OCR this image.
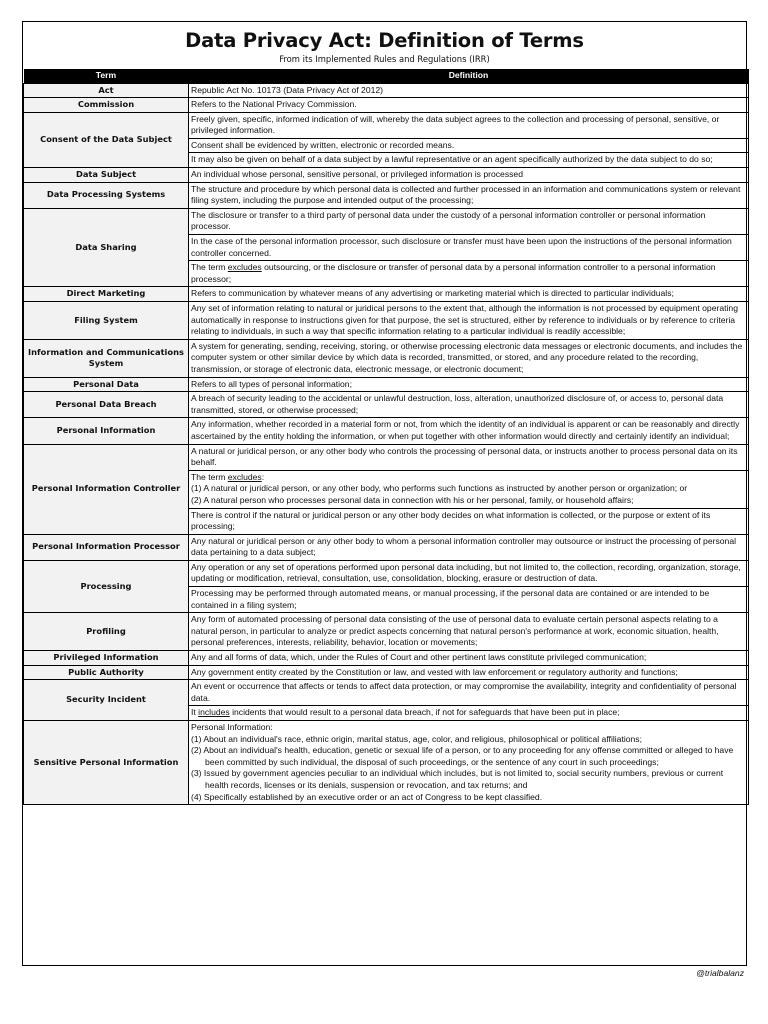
Data Privacy Act: Definition of Terms
From its Implemented Rules and Regulations (IRR)
Term	Definition
Act	Republic Act No. 10173 (Data Privacy Act of 2012)
Commission	Refers to the National Privacy Commission.
Consent of the Data Subject	Freely given, specific, informed indication of will, whereby the data subject agrees to the collection and processing of personal, sensitive, or privileged information.
	Consent shall be evidenced by written, electronic or recorded means.
	It may also be given on behalf of a data subject by a lawful representative or an agent specifically authorized by the data subject to do so;
Data Subject	An individual whose personal, sensitive personal, or privileged information is processed
Data Processing Systems	The structure and procedure by which personal data is collected and further processed in an information and communications system or relevant filing system, including the purpose and intended output of the processing;
Data Sharing	The disclosure or transfer to a third party of personal data under the custody of a personal information controller or personal information processor.
	In the case of the personal information processor, such disclosure or transfer must have been upon the instructions of the personal information controller concerned.
	The term excludes outsourcing, or the disclosure or transfer of personal data by a personal information controller to a personal information processor;
Direct Marketing	Refers to communication by whatever means of any advertising or marketing material which is directed to particular individuals;
Filing System	Any set of information relating to natural or juridical persons to the extent that, although the information is not processed by equipment operating automatically in response to instructions given for that purpose, the set is structured, either by reference to individuals or by reference to criteria relating to individuals, in such a way that specific information relating to a particular individual is readily accessible;
Information and Communications System	A system for generating, sending, receiving, storing, or otherwise processing electronic data messages or electronic documents, and includes the computer system or other similar device by which data is recorded, transmitted, or stored, and any procedure related to the recording, transmission, or storage of electronic data, electronic message, or electronic document;
Personal Data	Refers to all types of personal information;
Personal Data Breach	A breach of security leading to the accidental or unlawful destruction, loss, alteration, unauthorized disclosure of, or access to, personal data transmitted, stored, or otherwise processed;
Personal Information	Any information, whether recorded in a material form or not, from which the identity of an individual is apparent or can be reasonably and directly ascertained by the entity holding the information, or when put together with other information would directly and certainly identify an individual;
Personal Information Controller	A natural or juridical person, or any other body who controls the processing of personal data, or instructs another to process personal data on its behalf.

	The term excludes:
(1) A natural or juridical person, or any other body, who performs such functions as instructed by another person or organization; or
(2) A natural person who processes personal data in connection with his or her personal, family, or household affairs;

	There is control if the natural or juridical person or any other body decides on what information is collected, or the purpose or extent of its processing;
Personal Information Processor	Any natural or juridical person or any other body to whom a personal information controller may outsource or instruct the processing of personal data pertaining to a data subject;
Processing	Any operation or any set of operations performed upon personal data including, but not limited to, the collection, recording, organization, storage, updating or modification, retrieval, consultation, use, consolidation, blocking, erasure or destruction of data.
	Processing may be performed through automated means, or manual processing, if the personal data are contained or are intended to be contained in a filing system;
Profiling	Any form of automated processing of personal data consisting of the use of personal data to evaluate certain personal aspects relating to a natural person, in particular to analyze or predict aspects concerning that natural person's performance at work, economic situation, health, personal preferences, interests, reliability, behavior, location or movements;
Privileged Information	Any and all forms of data, which, under the Rules of Court and other pertinent laws constitute privileged communication;
Public Authority	Any government entity created by the Constitution or law, and vested with law enforcement or regulatory authority and functions;
Security Incident	An event or occurrence that affects or tends to affect data protection, or may compromise the availability, integrity and confidentiality of personal data.
	It includes incidents that would result to a personal data breach, if not for safeguards that have been put in place;
Sensitive Personal Information	Personal Information:
(1) About an individual's race, ethnic origin, marital status, age, color, and religious, philosophical or political affiliations;
(2) About an individual's health, education, genetic or sexual life of a person, or to any proceeding for any offense committed or alleged to have been committed by such individual, the disposal of such proceedings, or the sentence of any court in such proceedings;
(3) Issued by government agencies peculiar to an individual which includes, but is not limited to, social security numbers, previous or current health records, licenses or its denials, suspension or revocation, and tax returns; and
(4) Specifically established by an executive order or an act of Congress to be kept classified.
@trialbalanz
